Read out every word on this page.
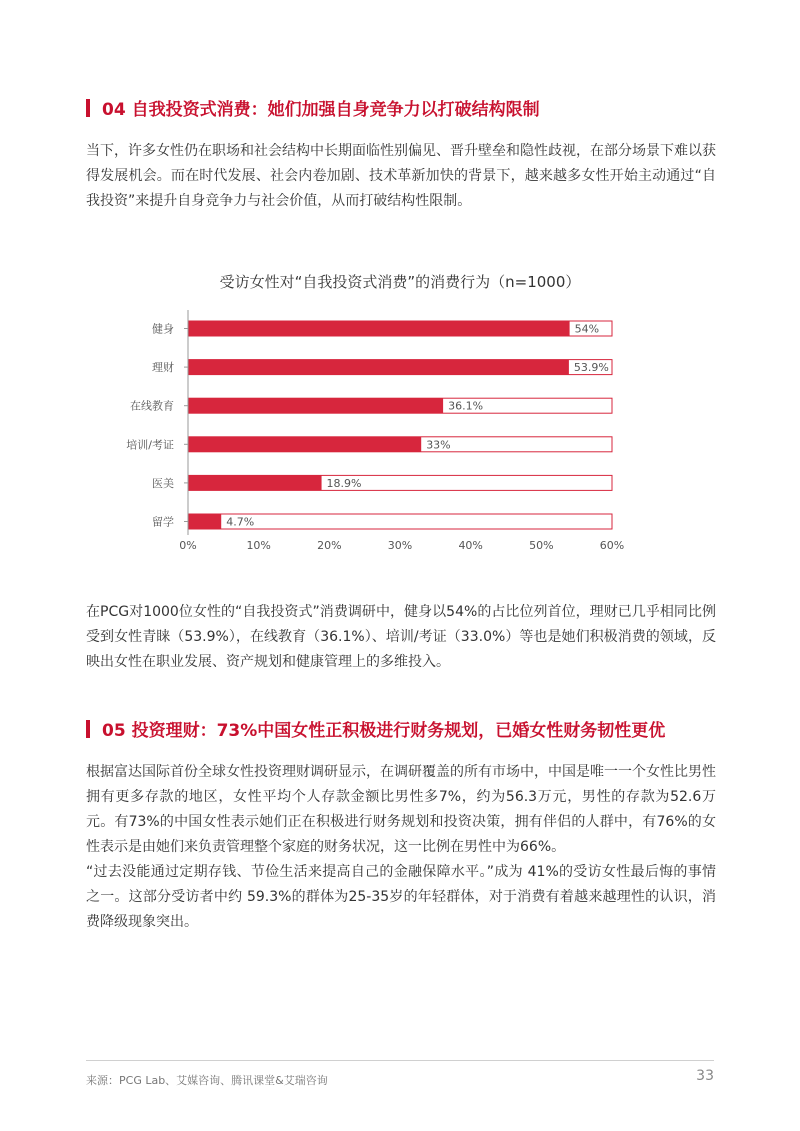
04 自我投资式消费：她们加强自身竞争力以打破结构限制

当下，许多女性仍在职场和社会结构中长期面临性别偏见、晋升壁垒和隐性歧视，在部分场景下难以获得发展机会。而在时代发展、社会内卷加剧、技术革新加快的背景下，越来越多女性开始主动通过“自我投资”来提升自身竞争力与社会价值，从而打破结构性限制。

受访女性对“自我投资式消费”的消费行为（n=1000）
健身	54%
理财	53.9%
在线教育	36.1%
培训/考证	33%
医美	18.9%
留学	4.7%
0%	10%	20%	30%	40%	50%	60%

在PCG对1000位女性的“自我投资式”消费调研中，健身以54%的占比位列首位，理财已几乎相同比例受到女性青睐（53.9%），在线教育（36.1%）、培训/考证（33.0%）等也是她们积极消费的领域，反映出女性在职业发展、资产规划和健康管理上的多维投入。

05 投资理财：73%中国女性正积极进行财务规划，已婚女性财务韧性更优

根据富达国际首份全球女性投资理财调研显示，在调研覆盖的所有市场中，中国是唯一一个女性比男性拥有更多存款的地区，女性平均个人存款金额比男性多7%，约为56.3万元，男性的存款为52.6万元。有73%的中国女性表示她们正在积极进行财务规划和投资决策，拥有伴侣的人群中，有76%的女性表示是由她们来负责管理整个家庭的财务状况，这一比例在男性中为66%。

“过去没能通过定期存钱、节俭生活来提高自己的金融保障水平。”成为 41%的受访女性最后悔的事情之一。这部分受访者中约 59.3%的群体为25-35岁的年轻群体，对于消费有着越来越理性的认识，消费降级现象突出。

来源：PCG Lab、艾媒咨询、腾讯课堂&艾瑞咨询	33
